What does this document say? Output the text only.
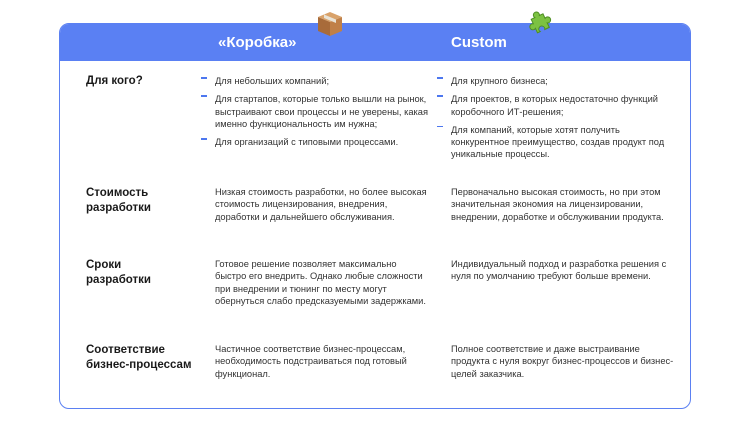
«Коробка»	Custom
Для кого?	Для небольших компаний;
Для стартапов, которые только вышли на рынок, выстраивают свои процессы и не уверены, какая именно функциональность им нужна;
Для организаций с типовыми процессами.
Для крупного бизнеса;
Для проектов, в которых недостаточно функций коробочного ИТ-решения;
Для компаний, которые хотят получить конкурентное преимущество, создав продукт под уникальные процессы.
Стоимость разработки
Низкая стоимость разработки, но более высокая стоимость лицензирования, внедрения, доработки и дальнейшего обслуживания.
Первоначально высокая стоимость, но при этом значительная экономия на лицензировании, внедрении, доработке и обслуживании продукта.
Сроки разработки
Готовое решение позволяет максимально быстро его внедрить. Однако любые сложности при внедрении и тюнинг по месту могут обернуться слабо предсказуемыми задержками.
Индивидуальный подход и разработка решения с нуля по умолчанию требуют больше времени.
Соответствие бизнес-процессам
Частичное соответствие бизнес-процессам, необходимость подстраиваться под готовый функционал.
Полное соответствие и даже выстраивание продукта с нуля вокруг бизнес-процессов и бизнес-целей заказчика.
